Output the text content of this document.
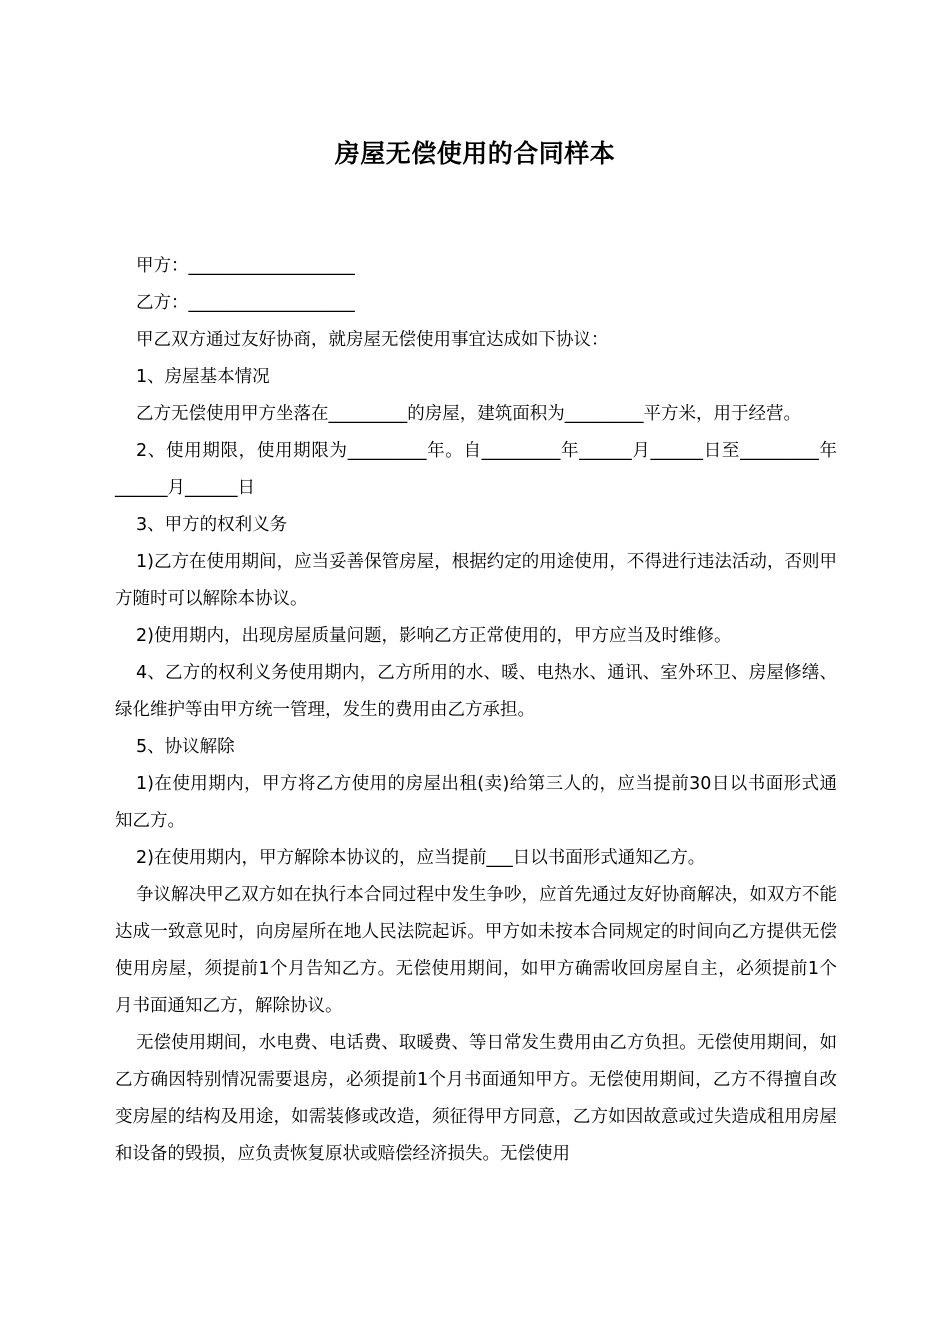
房屋无偿使用的合同样本

甲方：___________________

乙方：___________________

甲乙双方通过友好协商，就房屋无偿使用事宜达成如下协议：

1、房屋基本情况

乙方无偿使用甲方坐落在_________的房屋，建筑面积为_________平方米，用于经营。

2、使用期限，使用期限为_________年。自_________年______月______日至_________年______月______日

3、甲方的权利义务

1)乙方在使用期间，应当妥善保管房屋，根据约定的用途使用，不得进行违法活动，否则甲方随时可以解除本协议。

2)使用期内，出现房屋质量问题，影响乙方正常使用的，甲方应当及时维修。

4、乙方的权利义务使用期内，乙方所用的水、暖、电热水、通讯、室外环卫、房屋修缮、绿化维护等由甲方统一管理，发生的费用由乙方承担。

5、协议解除

1)在使用期内，甲方将乙方使用的房屋出租(卖)给第三人的，应当提前30日以书面形式通知乙方。

2)在使用期内，甲方解除本协议的，应当提前___日以书面形式通知乙方。

争议解决甲乙双方如在执行本合同过程中发生争吵，应首先通过友好协商解决，如双方不能达成一致意见时，向房屋所在地人民法院起诉。甲方如未按本合同规定的时间向乙方提供无偿使用房屋，须提前1个月告知乙方。无偿使用期间，如甲方确需收回房屋自主，必须提前1个月书面通知乙方，解除协议。

无偿使用期间，水电费、电话费、取暖费、等日常发生费用由乙方负担。无偿使用期间，如乙方确因特别情况需要退房，必须提前1个月书面通知甲方。无偿使用期间，乙方不得擅自改变房屋的结构及用途，如需装修或改造，须征得甲方同意，乙方如因故意或过失造成租用房屋和设备的毁损，应负责恢复原状或赔偿经济损失。无偿使用
